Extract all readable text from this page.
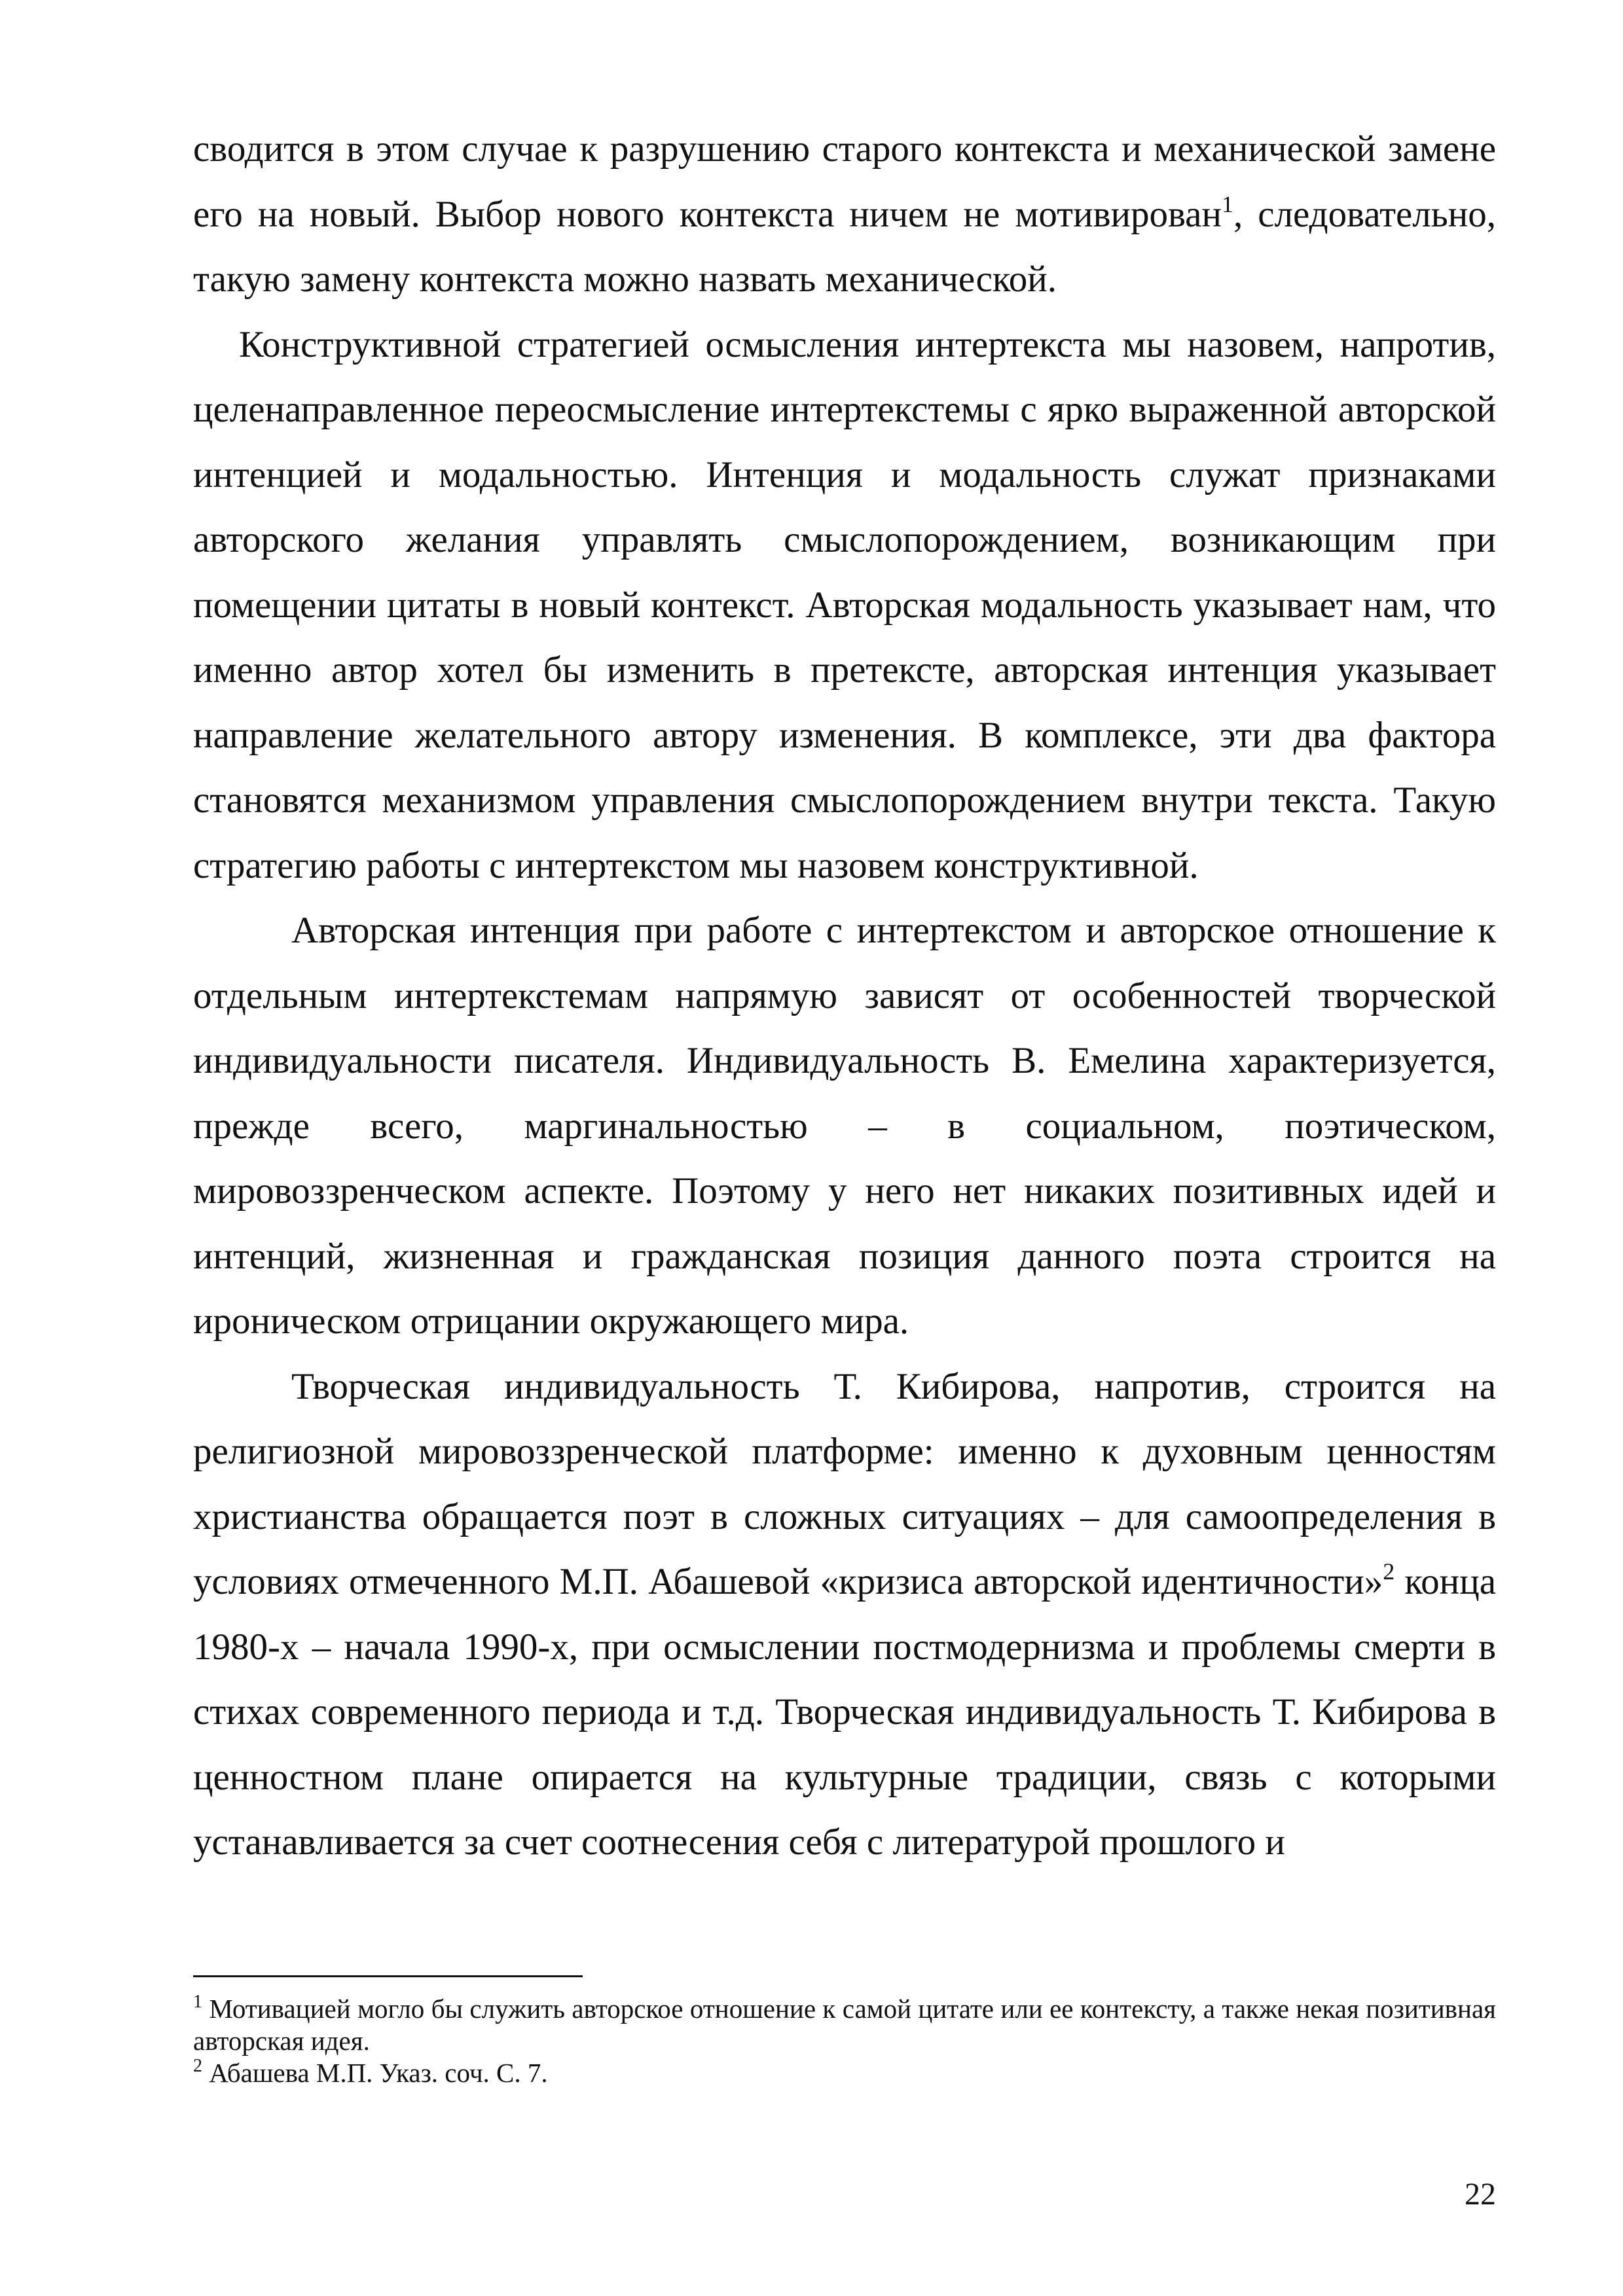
сводится в этом случае к разрушению старого контекста и механической замене его на новый. Выбор нового контекста ничем не мотивирован$^1$, следовательно, такую замену контекста можно назвать механической.

Конструктивной стратегией осмысления интертекста мы назовем, напротив, целенаправленное переосмысление интертекстемы с ярко выраженной авторской интенцией и модальностью. Интенция и модальность служат признаками авторского желания управлять смыслопорождением, возникающим при помещении цитаты в новый контекст. Авторская модальность указывает нам, что именно автор хотел бы изменить в претексте, авторская интенция указывает направление желательного автору изменения. В комплексе, эти два фактора становятся механизмом управления смыслопорождением внутри текста. Такую стратегию работы с интертекстом мы назовем конструктивной.

Авторская интенция при работе с интертекстом и авторское отношение к отдельным интертекстемам напрямую зависят от особенностей творческой индивидуальности писателя. Индивидуальность В. Емелина характеризуется, прежде всего, маргинальностью – в социальном, поэтическом, мировоззренческом аспекте. Поэтому у него нет никаких позитивных идей и интенций, жизненная и гражданская позиция данного поэта строится на ироническом отрицании окружающего мира.

Творческая индивидуальность Т. Кибирова, напротив, строится на религиозной мировоззренческой платформе: именно к духовным ценностям христианства обращается поэт в сложных ситуациях – для самоопределения в условиях отмеченного М.П. Абашевой «кризиса авторской идентичности»$^2$ конца 1980-х – начала 1990-х, при осмыслении постмодернизма и проблемы смерти в стихах современного периода и т.д. Творческая индивидуальность Т. Кибирова в ценностном плане опирается на культурные традиции, связь с которыми устанавливается за счет соотнесения себя с литературой прошлого и

$^1$ Мотивацией могло бы служить авторское отношение к самой цитате или ее контексту, а также некая позитивная авторская идея.

$^2$ Абашева М.П. Указ. соч. С. 7.

22
